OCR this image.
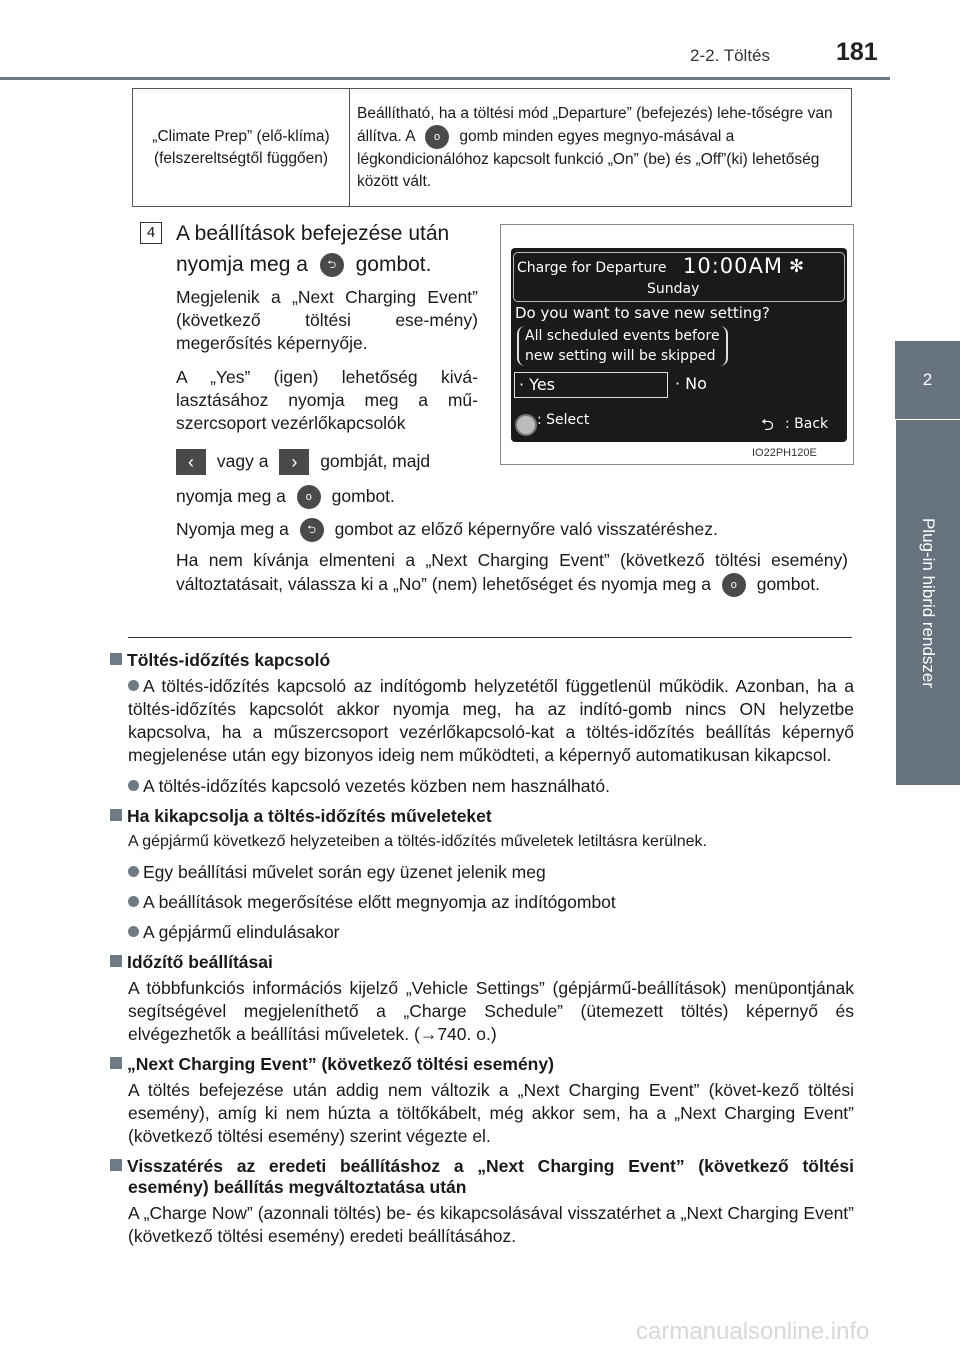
2-2. Töltés	181
2
Plug-in hibrid rendszer
„Climate Prep” (elő-klíma) (felszereltségtől függően)	Beállítható, ha a töltési mód „Departure” (befejezés) lehe-tőségre van állítva. A o gomb minden egyes megnyo-másával a légkondicionálóhoz kapcsolt funkció „On” (be) és „Off”(ki) lehetőség között vált.
4 A beállítások befejezése után nyomja meg a ⮌ gombot.
Megjelenik a „Next Charging Event” (következő töltési ese-mény) megerősítés képernyője.
A „Yes” (igen) lehetőség kivá-lasztásához nyomja meg a mű-szercsoport vezérlőkapcsolók
‹ vagy a › gombját, majd
nyomja meg a o gombot.
Nyomja meg a ⮌ gombot az előző képernyőre való visszatéréshez.
Ha nem kívánja elmenteni a „Next Charging Event” (következő töltési esemény) változtatásait, válassza ki a „No” (nem) lehetőséget és nyomja meg a o gombot.
Charge for Departure 10:00AM ✻
Sunday
Do you want to save new setting?
All scheduled events before
new setting will be skipped
· Yes	· No
: Select	⮌ : Back
IO22PH120E
Töltés-időzítés kapcsoló
A töltés-időzítés kapcsoló az indítógomb helyzetétől függetlenül működik. Azonban, ha a töltés-időzítés kapcsolót akkor nyomja meg, ha az indító-gomb nincs ON helyzetbe kapcsolva, ha a műszercsoport vezérlőkapcsoló-kat a töltés-időzítés beállítás képernyő megjelenése után egy bizonyos ideig nem működteti, a képernyő automatikusan kikapcsol.
A töltés-időzítés kapcsoló vezetés közben nem használható.
Ha kikapcsolja a töltés-időzítés műveleteket
A gépjármű következő helyzeteiben a töltés-időzítés műveletek letiltásra kerülnek.
Egy beállítási művelet során egy üzenet jelenik meg
A beállítások megerősítése előtt megnyomja az indítógombot
A gépjármű elindulásakor
Időzítő beállításai
A többfunkciós információs kijelző „Vehicle Settings” (gépjármű-beállítások) menüpontjának segítségével megjeleníthető a „Charge Schedule” (ütemezett töltés) képernyő és elvégezhetők a beállítási műveletek. (→740. o.)
„Next Charging Event” (következő töltési esemény)
A töltés befejezése után addig nem változik a „Next Charging Event” (követ-kező töltési esemény), amíg ki nem húzta a töltőkábelt, még akkor sem, ha a „Next Charging Event” (következő töltési esemény) szerint végezte el.
Visszatérés az eredeti beállításhoz a „Next Charging Event” (következő töltési esemény) beállítás megváltoztatása után
A „Charge Now” (azonnali töltés) be- és kikapcsolásával visszatérhet a „Next Charging Event” (következő töltési esemény) eredeti beállításához.
carmanualsonline.info
